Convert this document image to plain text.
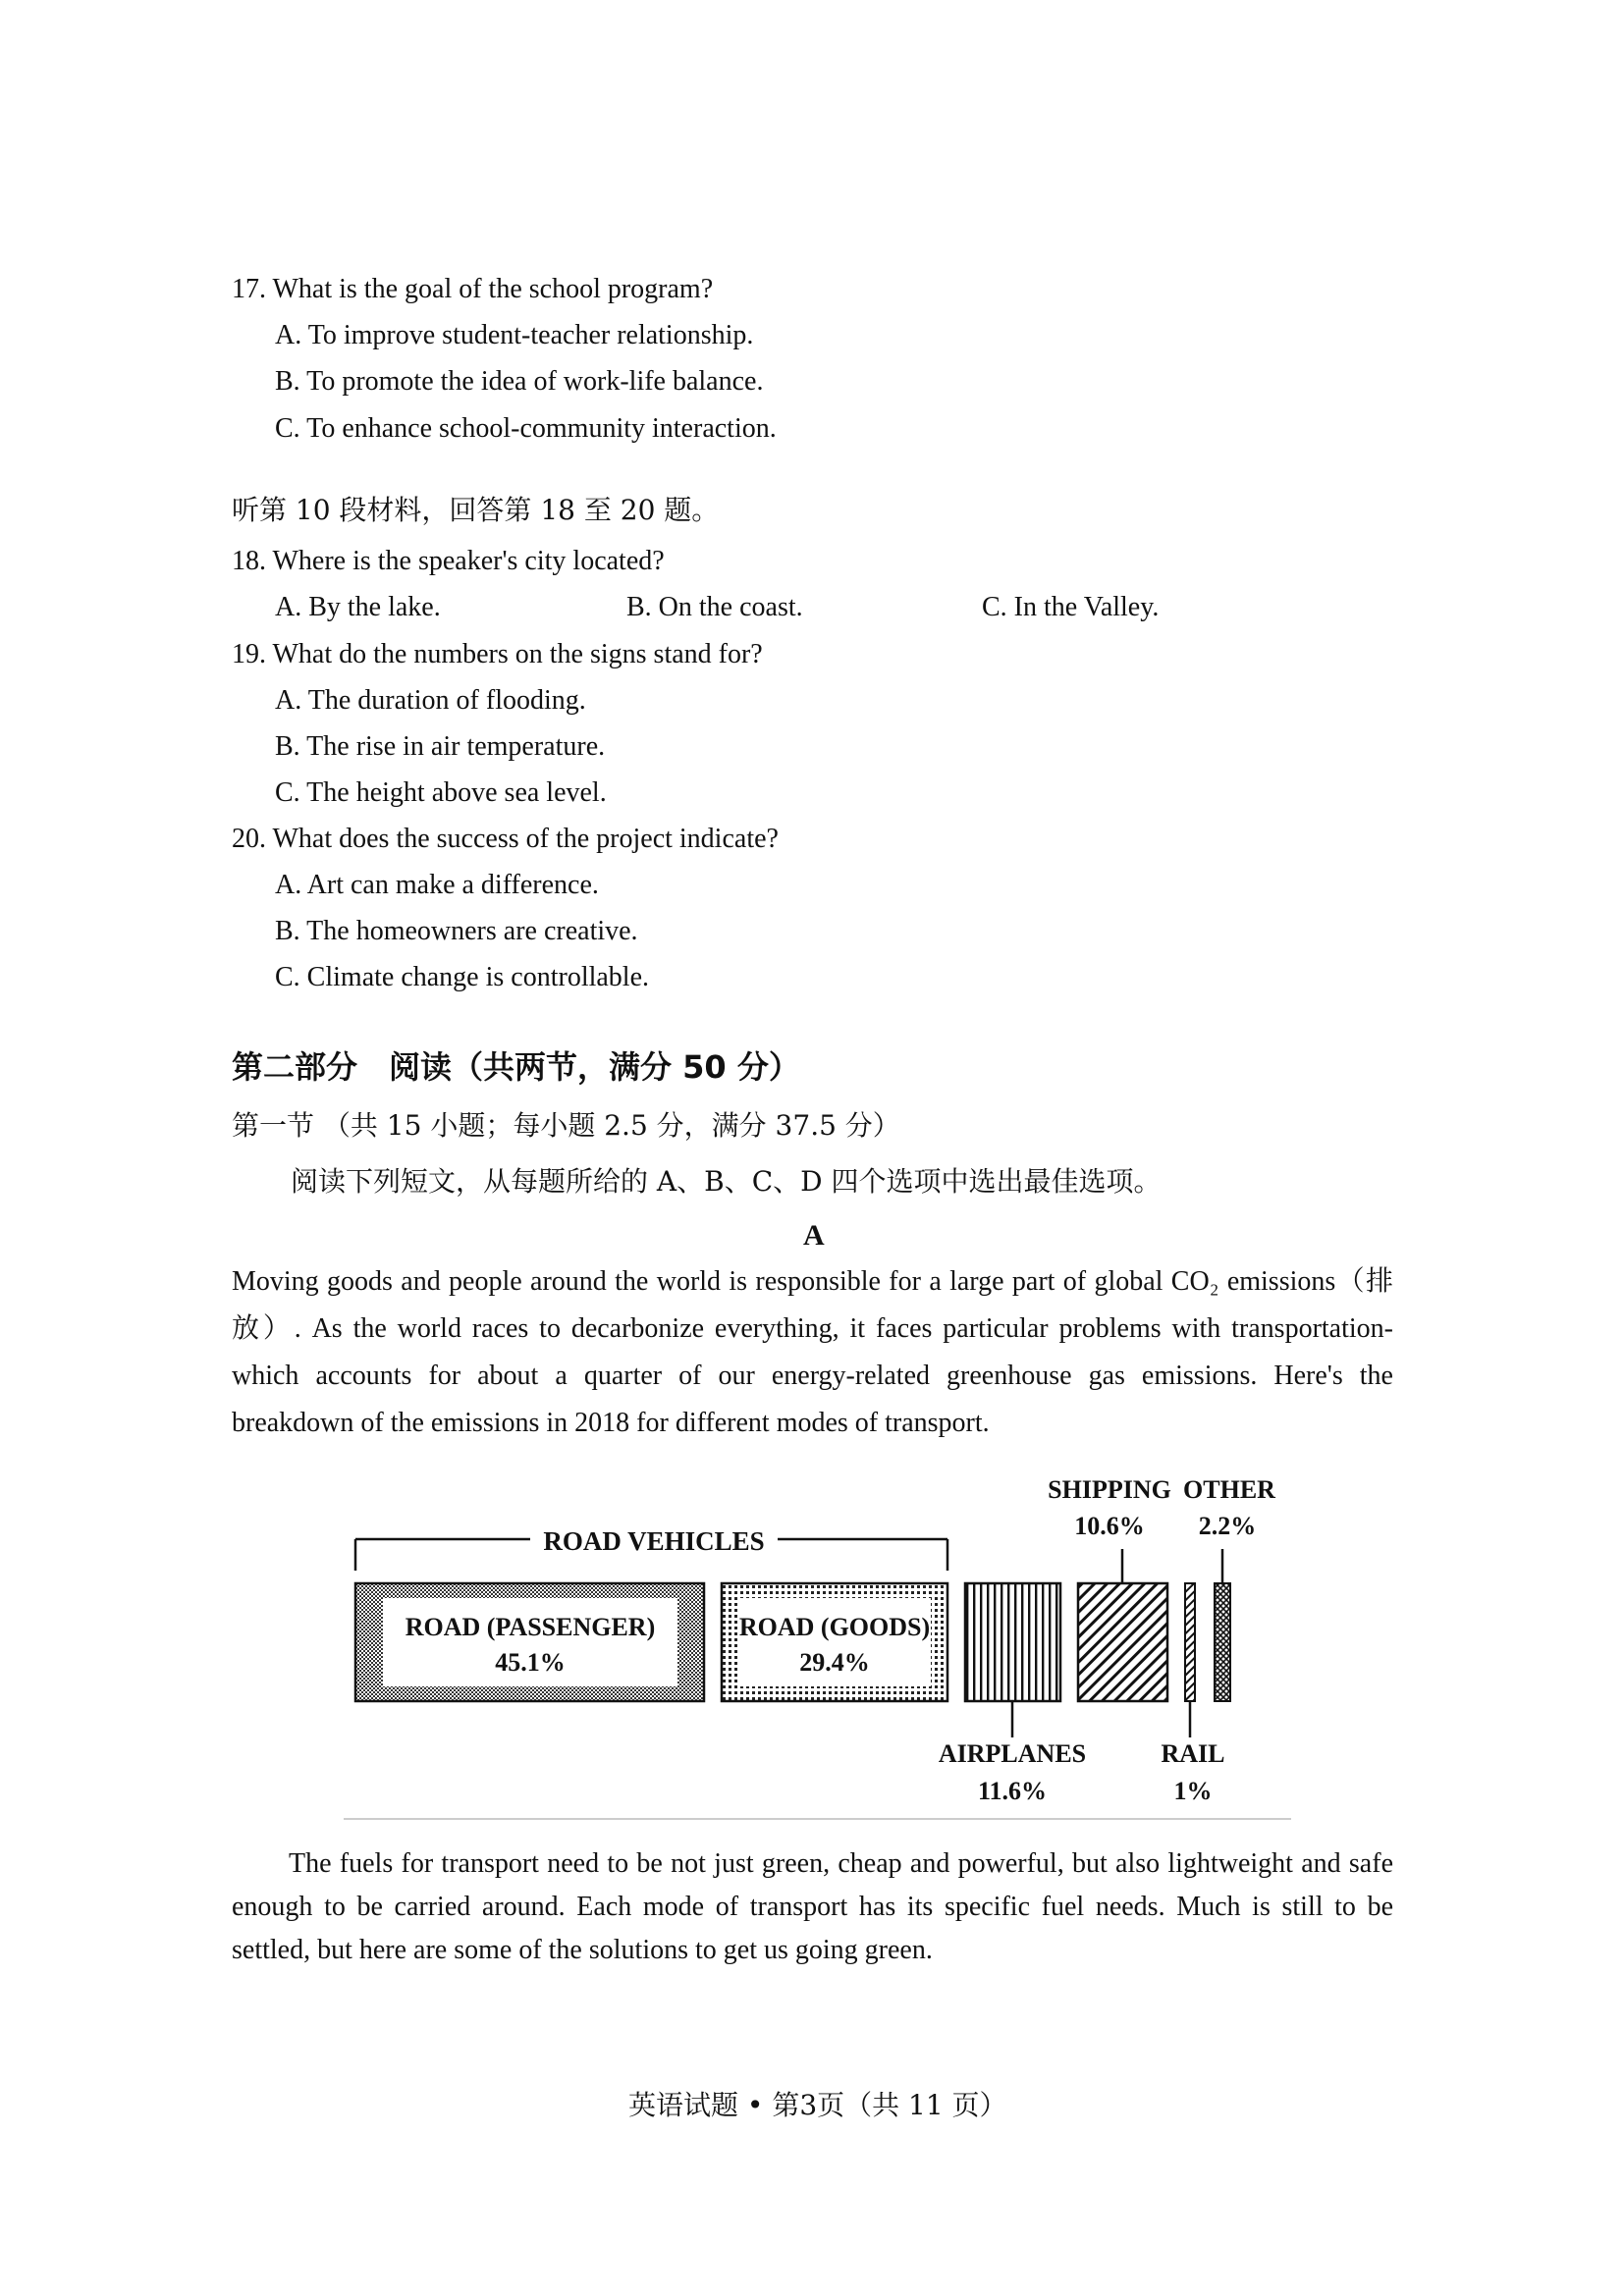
17. What is the goal of the school program?
A. To improve student-teacher relationship.
B. To promote the idea of work-life balance.
C. To enhance school-community interaction.
听第 10 段材料，回答第 18 至 20 题。
18. Where is the speaker's city located?
A. By the lake.	B. On the coast.	C. In the Valley.
19. What do the numbers on the signs stand for?
A. The duration of flooding.
B. The rise in air temperature.
C. The height above sea level.
20. What does the success of the project indicate?
A. Art can make a difference.
B. The homeowners are creative.
C. Climate change is controllable.
第二部分　阅读（共两节，满分 50 分）
第一节 （共 15 小题；每小题 2.5 分，满分 37.5 分）
阅读下列短文，从每题所给的 A、B、C、D 四个选项中选出最佳选项。
A
Moving goods and people around the world is responsible for a large part of global CO₂ emissions（排放）. As the world races to decarbonize everything, it faces particular problems with transportation-which accounts for about a quarter of our energy-related greenhouse gas emissions. Here's the breakdown of the emissions in 2018 for different modes of transport.
ROAD VEHICLES
ROAD (PASSENGER)
45.1%
ROAD (GOODS)
29.4%
AIRPLANES
11.6%
SHIPPING
10.6%
RAIL
1%
OTHER
2.2%
The fuels for transport need to be not just green, cheap and powerful, but also lightweight and safe enough to be carried around. Each mode of transport has its specific fuel needs. Much is still to be settled, but here are some of the solutions to get us going green.
英语试题 • 第3页（共 11 页）
